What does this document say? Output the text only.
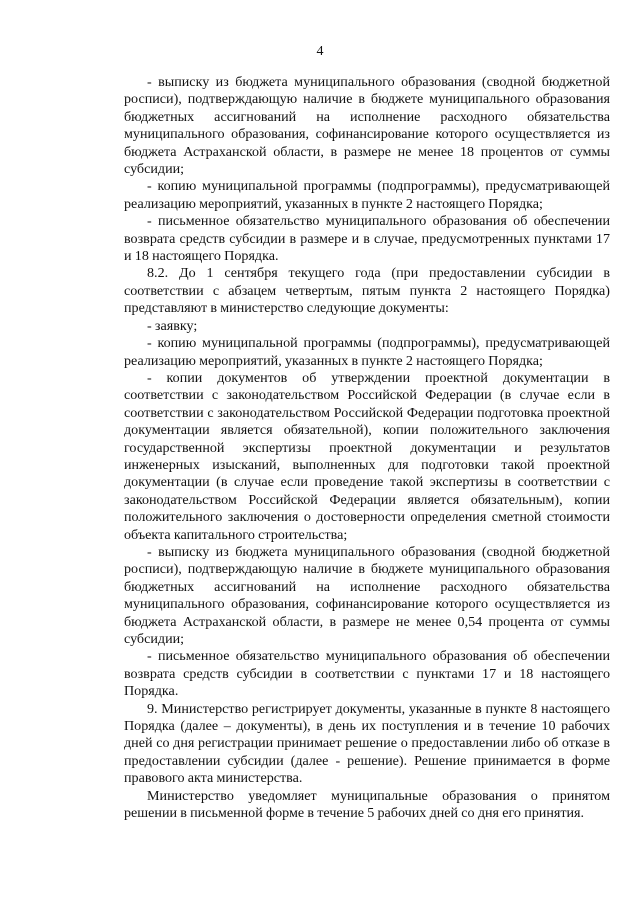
4

- выписку из бюджета муниципального образования (сводной бюджетной росписи), подтверждающую наличие в бюджете муниципального образования бюджетных ассигнований на исполнение расходного обязательства муниципального образования, софинансирование которого осуществляется из бюджета Астраханской области, в размере не менее 18 процентов от суммы субсидии;

- копию муниципальной программы (подпрограммы), предусматривающей реализацию мероприятий, указанных в пункте 2 настоящего Порядка;

- письменное обязательство муниципального образования об обеспечении возврата средств субсидии в размере и в случае, предусмотренных пунктами 17 и 18 настоящего Порядка.

8.2. До 1 сентября текущего года (при предоставлении субсидии в соответствии с абзацем четвертым, пятым пункта 2 настоящего Порядка) представляют в министерство следующие документы:

- заявку;

- копию муниципальной программы (подпрограммы), предусматривающей реализацию мероприятий, указанных в пункте 2 настоящего Порядка;

- копии документов об утверждении проектной документации в соответствии с законодательством Российской Федерации (в случае если в соответствии с законодательством Российской Федерации подготовка проектной документации является обязательной), копии положительного заключения государственной экспертизы проектной документации и результатов инженерных изысканий, выполненных для подготовки такой проектной документации (в случае если проведение такой экспертизы в соответствии с законодательством Российской Федерации является обязательным), копии положительного заключения о достоверности определения сметной стоимости объекта капитального строительства;

- выписку из бюджета муниципального образования (сводной бюджетной росписи), подтверждающую наличие в бюджете муниципального образования бюджетных ассигнований на исполнение расходного обязательства муниципального образования, софинансирование которого осуществляется из бюджета Астраханской области, в размере не менее 0,54 процента от суммы субсидии;

- письменное обязательство муниципального образования об обеспечении возврата средств субсидии в соответствии с пунктами 17 и 18 настоящего Порядка.

9. Министерство регистрирует документы, указанные в пункте 8 настоящего Порядка (далее – документы), в день их поступления и в течение 10 рабочих дней со дня регистрации принимает решение о предоставлении либо об отказе в предоставлении субсидии (далее - решение). Решение принимается в форме правового акта министерства.

Министерство уведомляет муниципальные образования о принятом решении в письменной форме в течение 5 рабочих дней со дня его принятия.
